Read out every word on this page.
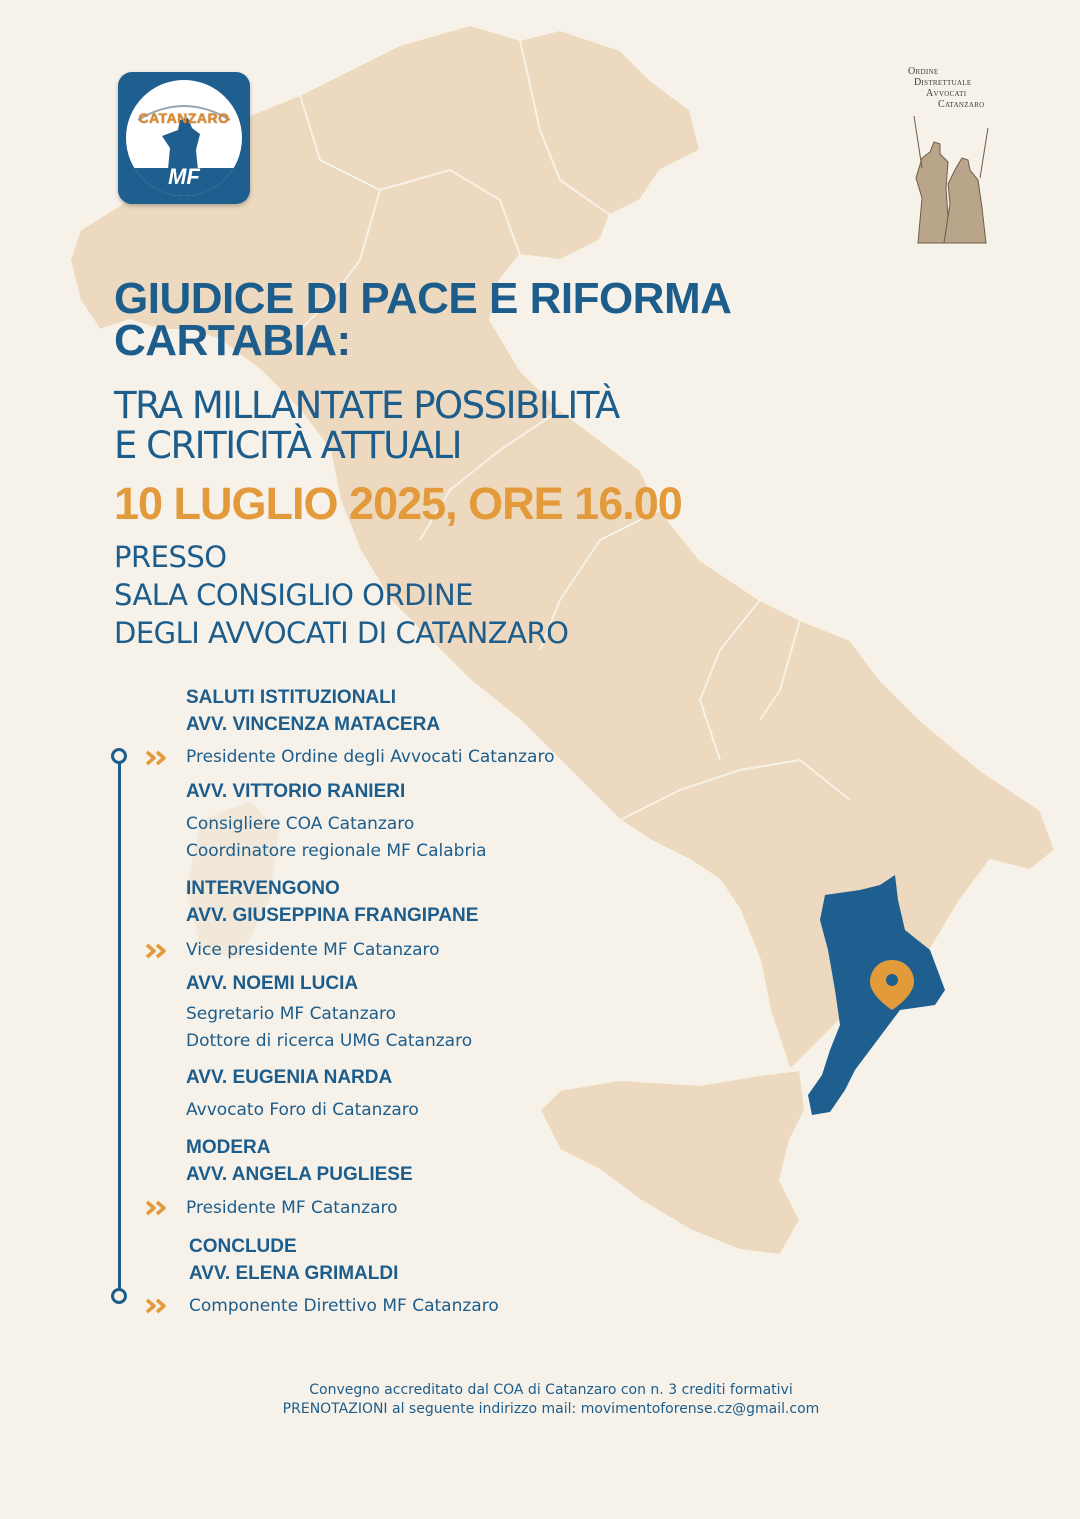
CATANZARO
MF
Ordine
Distrettuale
Avvocati
Catanzaro
GIUDICE DI PACE E RIFORMA
CARTABIA:
TRA MILLANTATE POSSIBILITÀ
E CRITICITÀ ATTUALI
10 LUGLIO 2025, ORE 16.00
PRESSO
SALA CONSIGLIO ORDINE
DEGLI AVVOCATI DI CATANZARO
SALUTI ISTITUZIONALI
AVV. VINCENZA MATACERA
Presidente Ordine degli Avvocati Catanzaro
AVV. VITTORIO RANIERI
Consigliere COA Catanzaro
Coordinatore regionale MF Calabria
INTERVENGONO
AVV. GIUSEPPINA FRANGIPANE
Vice presidente MF Catanzaro
AVV. NOEMI LUCIA
Segretario MF Catanzaro
Dottore di ricerca UMG Catanzaro
AVV. EUGENIA NARDA
Avvocato Foro di Catanzaro
MODERA
AVV. ANGELA PUGLIESE
Presidente MF Catanzaro
CONCLUDE
AVV. ELENA GRIMALDI
Componente Direttivo MF Catanzaro
Convegno accreditato dal COA di Catanzaro con n. 3 crediti formativi
PRENOTAZIONI al seguente indirizzo mail: movimentoforense.cz@gmail.com
